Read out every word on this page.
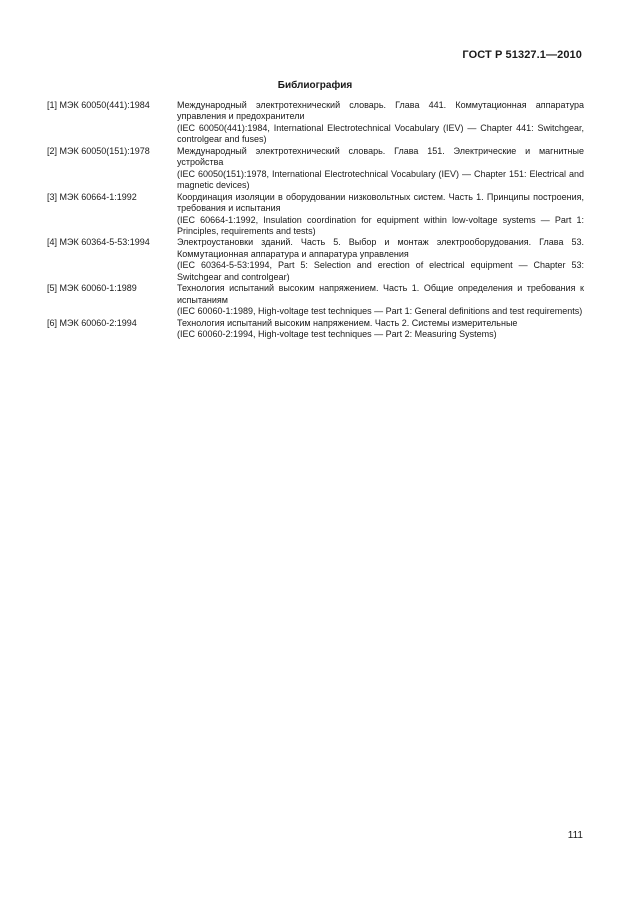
ГОСТ Р 51327.1—2010
Библиография
[1] МЭК 60050(441):1984	Международный электротехнический словарь. Глава 441. Коммутационная аппаратура управления и предохранители

(IEC 60050(441):1984, International Electrotechnical Vocabulary (IEV) — Chapter 441: Switchgear, controlgear and fuses)

[2] МЭК 60050(151):1978	Международный электротехнический словарь. Глава 151. Электрические и магнитные устройства

(IEC 60050(151):1978, International Electrotechnical Vocabulary (IEV) — Chapter 151: Electrical and magnetic devices)

[3] МЭК 60664-1:1992	Координация изоляции в оборудовании низковольтных систем. Часть 1. Принципы построения, требования и испытания

(IEC 60664-1:1992, Insulation coordination for equipment within low-voltage systems — Part 1: Principles, requirements and tests)

[4] МЭК 60364-5-53:1994	Электроустановки зданий. Часть 5. Выбор и монтаж электрооборудования. Глава 53. Коммутационная аппаратура и аппаратура управления

(IEC 60364-5-53:1994, Part 5: Selection and erection of electrical equipment — Chapter 53: Switchgear and controlgear)

[5] МЭК 60060-1:1989	Технология испытаний высоким напряжением. Часть 1. Общие определения и требования к испытаниям

(IEC 60060-1:1989, High-voltage test techniques — Part 1: General definitions and test requirements)

[6] МЭК 60060-2:1994	Технология испытаний высоким напряжением. Часть 2. Системы измерительные

(IEC 60060-2:1994, High-voltage test techniques — Part 2: Measuring Systems)

111
